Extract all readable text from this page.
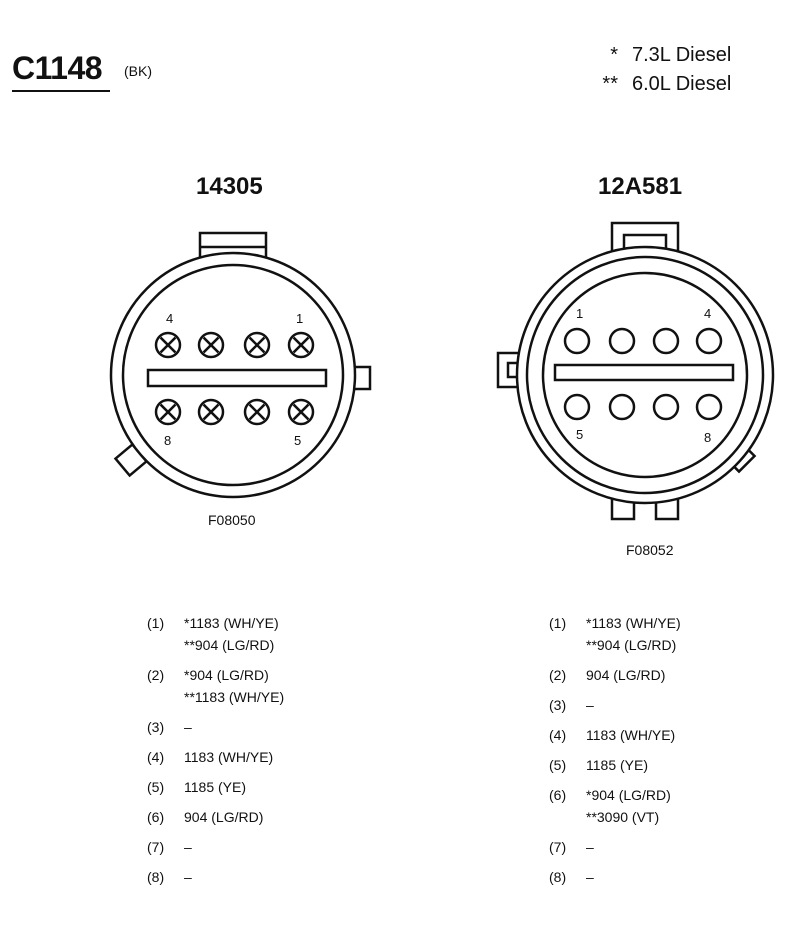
C1148 (BK)
* 7.3L Diesel
** 6.0L Diesel
14305	12A581
4	1
8	5
1	4
5	8
F08050
F08052
(1) *1183 (WH/YE)
**904 (LG/RD)
(2) *904 (LG/RD)
**1183 (WH/YE)
(3) –
(4) 1183 (WH/YE)
(5) 1185 (YE)
(6) 904 (LG/RD)
(7) –
(8) –
(1) *1183 (WH/YE)
**904 (LG/RD)
(2) 904 (LG/RD)
(3) –
(4) 1183 (WH/YE)
(5) 1185 (YE)
(6) *904 (LG/RD)
**3090 (VT)
(7) –
(8) –
